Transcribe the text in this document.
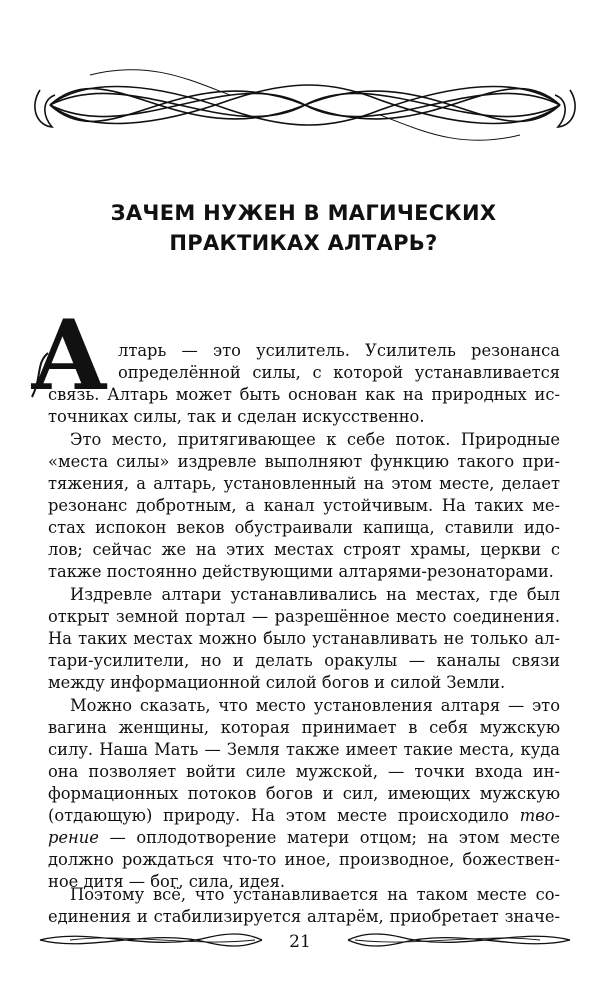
ЗАЧЕМ НУЖЕН В МАГИЧЕСКИХ
ПРАКТИКАХ АЛТАРЬ?
А лтарь — это усилитель. Усилитель резонанса
определённой силы, с которой устанавливается
связь. Алтарь может быть основан как на природных ис-
точниках силы, так и сделан искусственно.
Это место, притягивающее к себе поток. Природные
«места силы» издревле выполняют функцию такого при-
тяжения, а алтарь, установленный на этом месте, делает
резонанс добротным, а канал устойчивым. На таких ме-
стах испокон веков обустраивали капища, ставили идо-
лов; сейчас же на этих местах строят храмы, церкви с
также постоянно действующими алтарями-резонаторами.
Издревле алтари устанавливались на местах, где был
открыт земной портал — разрешённое место соединения.
На таких местах можно было устанавливать не только ал-
тари-усилители, но и делать оракулы — каналы связи
между информационной силой богов и силой Земли.
Можно сказать, что место установления алтаря — это
вагина женщины, которая принимает в себя мужскую
силу. Наша Мать — Земля также имеет такие места, куда
она позволяет войти силе мужской, — точки входа ин-
формационных потоков богов и сил, имеющих мужскую
(отдающую) природу. На этом месте происходило тво-
рение — оплодотворение матери отцом; на этом месте
должно рождаться что-то иное, производное, божествен-
ное дитя — бог, сила, идея.
Поэтому всё, что устанавливается на таком месте со-
единения и стабилизируется алтарём, приобретает значе-
21
